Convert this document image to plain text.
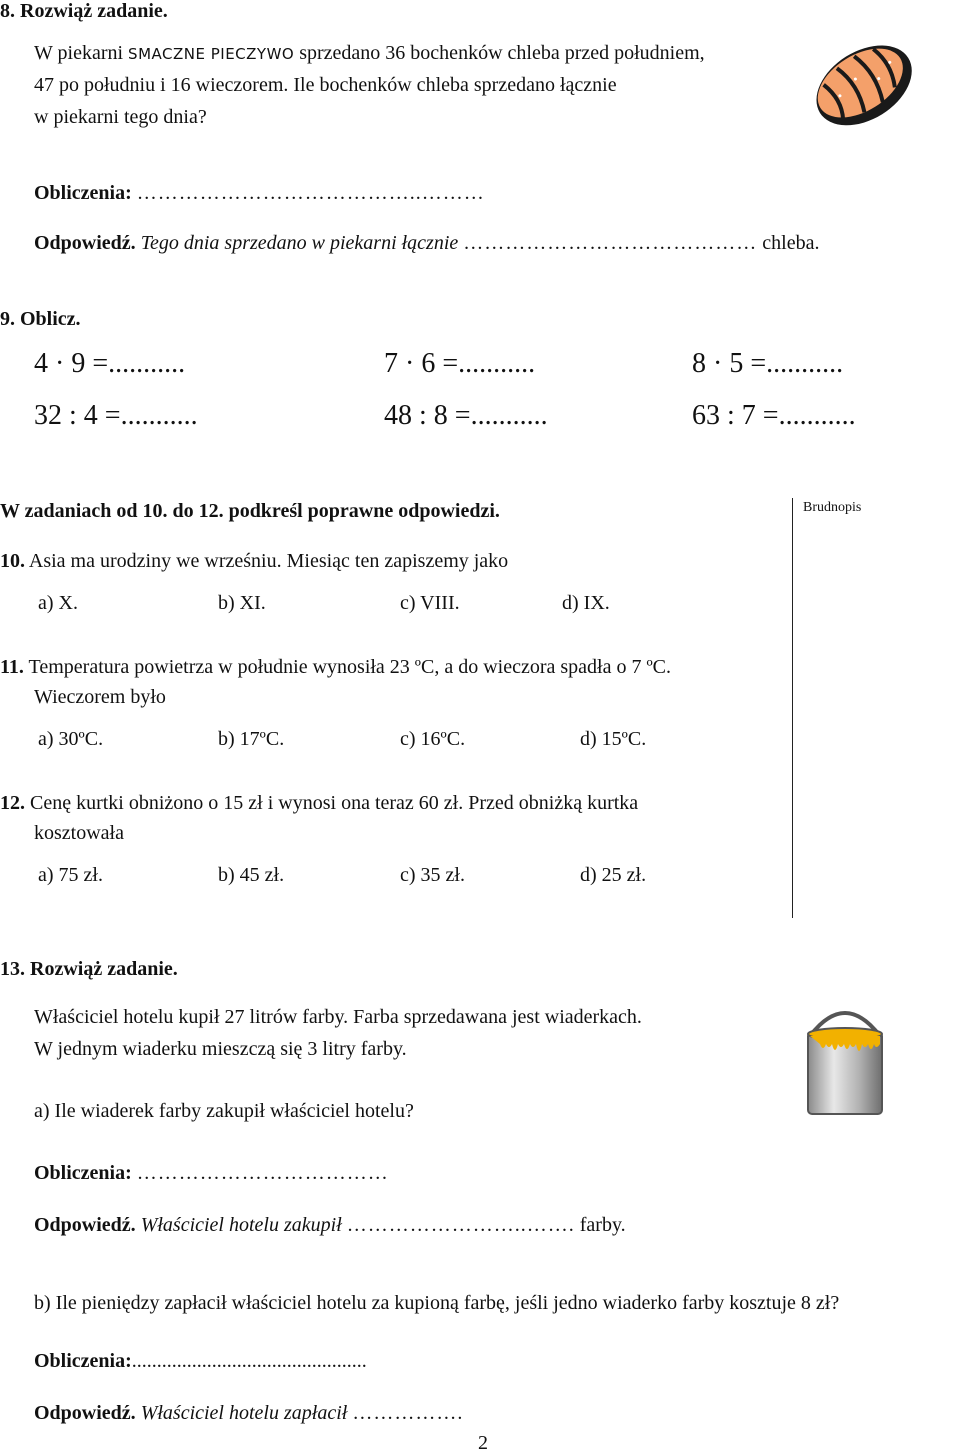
8. Rozwiąż zadanie.
W piekarni SMACZNE PIECZYWO sprzedano 36 bochenków chleba przed południem,
47 po południu i 16 wieczorem. Ile bochenków chleba sprzedano łącznie
w piekarni tego dnia?
Obliczenia: …………………………………..………
Odpowiedź. Tego dnia sprzedano w piekarni łącznie …………………………………… chleba.
9. Oblicz.
4 · 9 =...........	7 · 6 =...........	8 · 5 =...........
32 : 4 =...........	48 : 8 =...........	63 : 7 =...........
W zadaniach od 10. do 12. podkreśl poprawne odpowiedzi.	Brudnopis
10. Asia ma urodziny we wrześniu. Miesiąc ten zapiszemy jako
a) X.	b) XI.	c) VIII.	d) IX.
11. Temperatura powietrza w południe wynosiła 23 ºC, a do wieczora spadła o 7 ºC.
Wieczorem było
a) 30ºC.	b) 17ºC.	c) 16ºC.	d) 15ºC.
12. Cenę kurtki obniżono o 15 zł i wynosi ona teraz 60 zł. Przed obniżką kurtka
kosztowała
a) 75 zł.	b) 45 zł.	c) 35 zł.	d) 25 zł.
13. Rozwiąż zadanie.
Właściciel hotelu kupił 27 litrów farby. Farba sprzedawana jest wiaderkach.
W jednym wiaderku mieszczą się 3 litry farby.
a) Ile wiaderek farby zakupił właściciel hotelu?
Obliczenia: ………………………………
Odpowiedź. Właściciel hotelu zakupił ……………………..……. farby.
b) Ile pieniędzy zapłacił właściciel hotelu za kupioną farbę, jeśli jedno wiaderko farby kosztuje 8 zł?
Obliczenia:...............................................
Odpowiedź. Właściciel hotelu zapłacił …………….
2
